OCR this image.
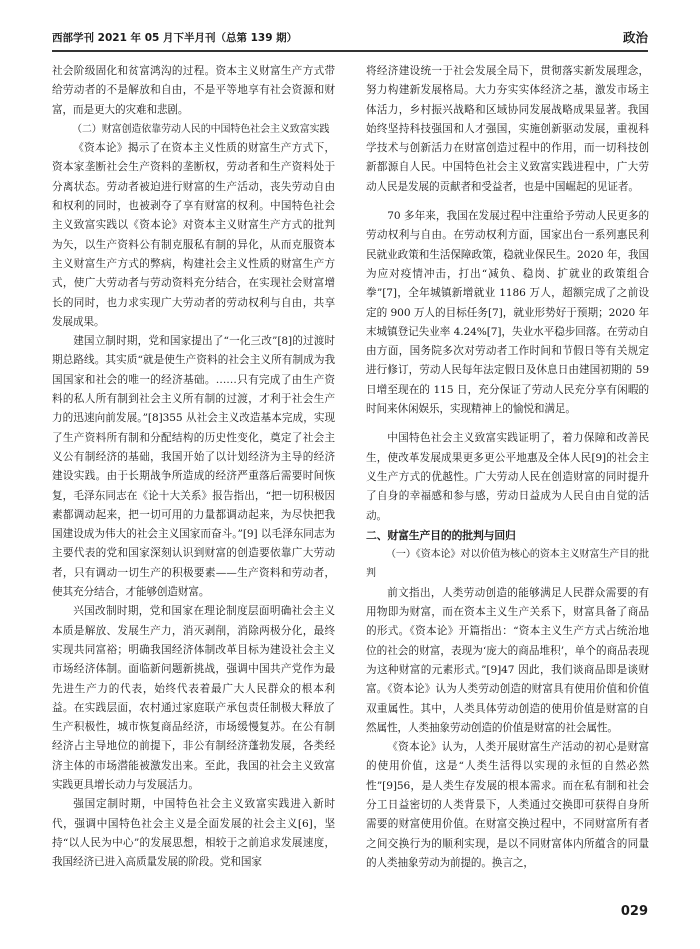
西部学刊 2021 年 05 月下半月刊（总第 139 期）	政治

社会阶级固化和贫富鸿沟的过程。资本主义财富生产方式带给劳动者的不是解放和自由，不是平等地享有社会资源和财富，而是更大的灾难和悲剧。

（二）财富创造依靠劳动人民的中国特色社会主义致富实践

《资本论》揭示了在资本主义性质的财富生产方式下，资本家垄断社会生产资料的垄断权，劳动者和生产资料处于分离状态。劳动者被迫进行财富的生产活动，丧失劳动自由和权利的同时，也被剥夺了享有财富的权利。中国特色社会主义致富实践以《资本论》对资本主义财富生产方式的批判为矢，以生产资料公有制克服私有制的异化，从而克服资本主义财富生产方式的弊病，构建社会主义性质的财富生产方式，使广大劳动者与劳动资料充分结合，在实现社会财富增长的同时，也力求实现广大劳动者的劳动权利与自由，共享发展成果。

建国立制时期，党和国家提出了“一化三改”[8]的过渡时期总路线。其实质“就是使生产资料的社会主义所有制成为我国国家和社会的唯一的经济基础。……只有完成了由生产资料的私人所有制到社会主义所有制的过渡，才利于社会生产力的迅速向前发展。”[8]355 从社会主义改造基本完成，实现了生产资料所有制和分配结构的历史性变化，奠定了社会主义公有制经济的基础，我国开始了以计划经济为主导的经济建设实践。由于长期战争所造成的经济严重落后需要时间恢复，毛泽东同志在《论十大关系》报告指出，“把一切积极因素都调动起来，把一切可用的力量都调动起来，为尽快把我国建设成为伟大的社会主义国家而奋斗。”[9] 以毛泽东同志为主要代表的党和国家深刻认识到财富的创造要依靠广大劳动者，只有调动一切生产的积极要素——生产资料和劳动者，使其充分结合，才能够创造财富。

兴国改制时期，党和国家在理论制度层面明确社会主义本质是解放、发展生产力，消灭剥削，消除两极分化，最终实现共同富裕；明确我国经济体制改革目标为建设社会主义市场经济体制。面临新问题新挑战，强调中国共产党作为最先进生产力的代表，始终代表着最广大人民群众的根本利益。在实践层面，农村通过家庭联产承包责任制极大释放了生产积极性，城市恢复商品经济，市场缓慢复苏。在公有制经济占主导地位的前提下，非公有制经济蓬勃发展，各类经济主体的市场潜能被激发出来。至此，我国的社会主义致富实践更具增长动力与发展活力。

强国定制时期，中国特色社会主义致富实践进入新时代，强调中国特色社会主义是全面发展的社会主义[6]，坚持“以人民为中心”的发展思想，相较于之前追求发展速度，我国经济已进入高质量发展的阶段。党和国家

将经济建设统一于社会发展全局下，贯彻落实新发展理念，努力构建新发展格局。大力夯实实体经济之基，激发市场主体活力，乡村振兴战略和区域协同发展战略成果显著。我国始终坚持科技强国和人才强国，实施创新驱动发展，重视科学技术与创新活力在财富创造过程中的作用，而一切科技创新都源自人民。中国特色社会主义致富实践进程中，广大劳动人民是发展的贡献者和受益者，也是中国崛起的见证者。

70 多年来，我国在发展过程中注重给予劳动人民更多的劳动权利与自由。在劳动权利方面，国家出台一系列惠民利民就业政策和生活保障政策，稳就业保民生。2020 年，我国为应对疫情冲击，打出“减负、稳岗、扩就业的政策组合拳”[7]，全年城镇新增就业 1186 万人，超额完成了之前设定的 900 万人的目标任务[7]，就业形势好于预期；2020 年末城镇登记失业率 4.24%[7]，失业水平稳步回落。在劳动自由方面，国务院多次对劳动者工作时间和节假日等有关规定进行修订，劳动人民每年法定假日及休息日由建国初期的 59 日增至现在的 115 日，充分保证了劳动人民充分享有闲暇的时间来休闲娱乐，实现精神上的愉悦和满足。

中国特色社会主义致富实践证明了，着力保障和改善民生，使改革发展成果更多更公平地惠及全体人民[9]的社会主义生产方式的优越性。广大劳动人民在创造财富的同时提升了自身的幸福感和参与感，劳动日益成为人民自由自觉的活动。

二、财富生产目的的批判与回归

（一）《资本论》对以价值为核心的资本主义财富生产目的批判

前文指出，人类劳动创造的能够满足人民群众需要的有用物即为财富，而在资本主义生产关系下，财富具备了商品的形式。《资本论》开篇指出：“资本主义生产方式占统治地位的社会的财富，表现为‘庞大的商品堆积’，单个的商品表现为这种财富的元素形式。”[9]47 因此，我们谈商品即是谈财富。《资本论》认为人类劳动创造的财富具有使用价值和价值双重属性。其中，人类具体劳动创造的使用价值是财富的自然属性，人类抽象劳动创造的价值是财富的社会属性。

《资本论》认为，人类开展财富生产活动的初心是财富的使用价值，这是“人类生活得以实现的永恒的自然必然性”[9]56，是人类生存发展的根本需求。而在私有制和社会分工日益密切的人类背景下，人类通过交换即可获得自身所需要的财富使用价值。在财富交换过程中，不同财富所有者之间交换行为的顺利实现，是以不同财富体内所蕴含的同量的人类抽象劳动为前提的。换言之，

029
